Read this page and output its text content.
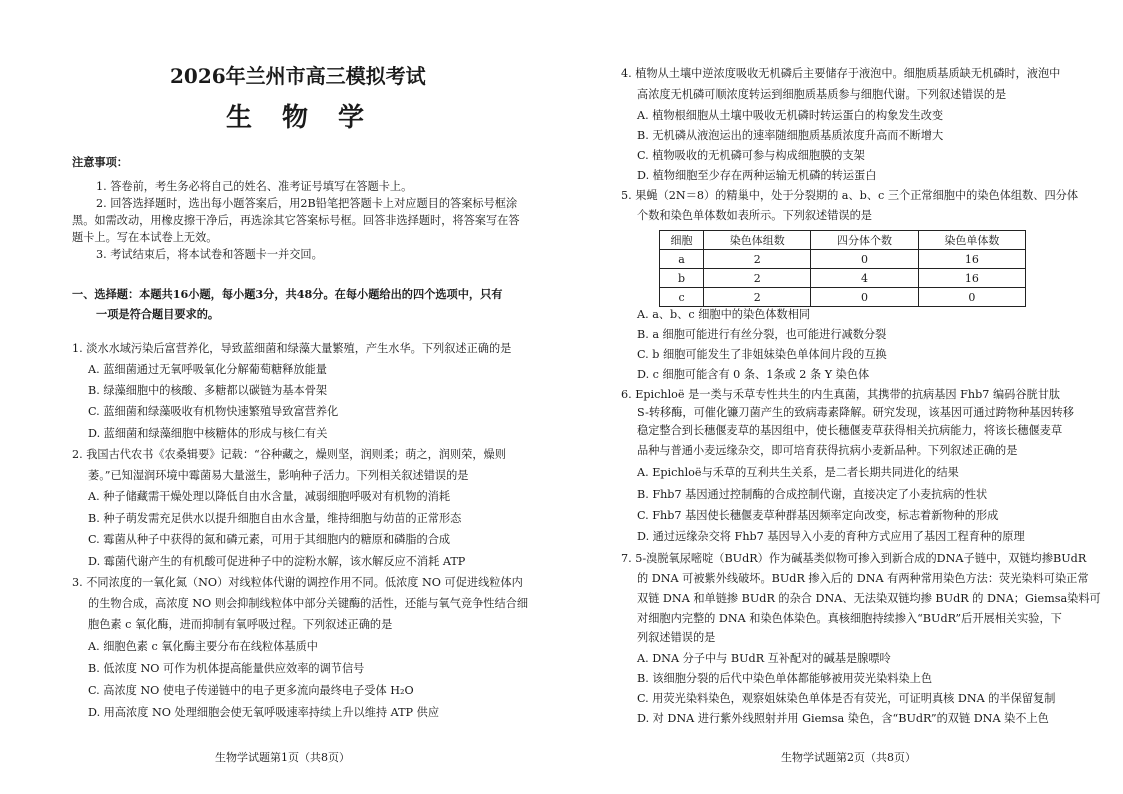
2026年兰州市高三模拟考试
生物学
注意事项：
1. 答卷前，考生务必将自己的姓名、准考证号填写在答题卡上。
2. 回答选择题时，选出每小题答案后，用2B铅笔把答题卡上对应题目的答案标号框涂
黑。如需改动，用橡皮擦干净后，再选涂其它答案标号框。回答非选择题时，将答案写在答
题卡上。写在本试卷上无效。
3. 考试结束后，将本试卷和答题卡一并交回。
一、选择题：本题共16小题，每小题3分，共48分。在每小题给出的四个选项中，只有
一项是符合题目要求的。
1. 淡水水域污染后富营养化，导致蓝细菌和绿藻大量繁殖，产生水华。下列叙述正确的是
A. 蓝细菌通过无氧呼吸氧化分解葡萄糖释放能量
B. 绿藻细胞中的核酸、多糖都以碳链为基本骨架
C. 蓝细菌和绿藻吸收有机物快速繁殖导致富营养化
D. 蓝细菌和绿藻细胞中核糖体的形成与核仁有关
2. 我国古代农书《农桑辑要》记载：“谷种藏之，燥则坚，润则柔；萌之，润则荣，燥则
萎。”已知湿润环境中霉菌易大量滋生，影响种子活力。下列相关叙述错误的是
A. 种子储藏需干燥处理以降低自由水含量，减弱细胞呼吸对有机物的消耗
B. 种子萌发需充足供水以提升细胞自由水含量，维持细胞与幼苗的正常形态
C. 霉菌从种子中获得的氮和磷元素，可用于其细胞内的糖原和磷脂的合成
D. 霉菌代谢产生的有机酸可促进种子中的淀粉水解，该水解反应不消耗 ATP
3. 不同浓度的一氧化氮（NO）对线粒体代谢的调控作用不同。低浓度 NO 可促进线粒体内
的生物合成，高浓度 NO 则会抑制线粒体中部分关键酶的活性，还能与氧气竞争性结合细
胞色素 c 氧化酶，进而抑制有氧呼吸过程。下列叙述正确的是
A. 细胞色素 c 氧化酶主要分布在线粒体基质中
B. 低浓度 NO 可作为机体提高能量供应效率的调节信号
C. 高浓度 NO 使电子传递链中的电子更多流向最终电子受体 H₂O
D. 用高浓度 NO 处理细胞会使无氧呼吸速率持续上升以维持 ATP 供应
生物学试题第1页（共8页）
4. 植物从土壤中逆浓度吸收无机磷后主要储存于液泡中。细胞质基质缺无机磷时，液泡中
高浓度无机磷可顺浓度转运到细胞质基质参与细胞代谢。下列叙述错误的是
A. 植物根细胞从土壤中吸收无机磷时转运蛋白的构象发生改变
B. 无机磷从液泡运出的速率随细胞质基质浓度升高而不断增大
C. 植物吸收的无机磷可参与构成细胞膜的支架
D. 植物细胞至少存在两种运输无机磷的转运蛋白
5. 果蝇（2N＝8）的精巢中，处于分裂期的 a、b、c 三个正常细胞中的染色体组数、四分体
个数和染色单体数如表所示。下列叙述错误的是
细胞	染色体组数	四分体个数	染色单体数
a	2	0	16
b	2	4	16
c	2	0	0
A. a、b、c 细胞中的染色体数相同
B. a 细胞可能进行有丝分裂，也可能进行减数分裂
C. b 细胞可能发生了非姐妹染色单体间片段的互换
D. c 细胞可能含有 0 条、1条或 2 条 Y 染色体
6. Epichloë 是一类与禾草专性共生的内生真菌，其携带的抗病基因 Fhb7 编码谷胱甘肽
S-转移酶，可催化镰刀菌产生的致病毒素降解。研究发现，该基因可通过跨物种基因转移
稳定整合到长穗偃麦草的基因组中，使长穗偃麦草获得相关抗病能力，将该长穗偃麦草
品种与普通小麦远缘杂交，即可培育获得抗病小麦新品种。下列叙述正确的是
A. Epichloë与禾草的互利共生关系，是二者长期共同进化的结果
B. Fhb7 基因通过控制酶的合成控制代谢，直接决定了小麦抗病的性状
C. Fhb7 基因使长穗偃麦草种群基因频率定向改变，标志着新物种的形成
D. 通过远缘杂交将 Fhb7 基因导入小麦的育种方式应用了基因工程育种的原理
7. 5-溴脱氧尿嘧啶（BUdR）作为碱基类似物可掺入到新合成的DNA子链中，双链均掺BUdR
的 DNA 可被紫外线破坏。BUdR 掺入后的 DNA 有两种常用染色方法：荧光染料可染正常
双链 DNA 和单链掺 BUdR 的杂合 DNA、无法染双链均掺 BUdR 的 DNA；Giemsa染料可
对细胞内完整的 DNA 和染色体染色。真核细胞持续掺入“BUdR”后开展相关实验，下
列叙述错误的是
A. DNA 分子中与 BUdR 互补配对的碱基是腺嘌呤
B. 该细胞分裂的后代中染色单体都能够被用荧光染料染上色
C. 用荧光染料染色，观察姐妹染色单体是否有荧光，可证明真核 DNA 的半保留复制
D. 对 DNA 进行紫外线照射并用 Giemsa 染色，含“BUdR”的双链 DNA 染不上色
生物学试题第2页（共8页）
